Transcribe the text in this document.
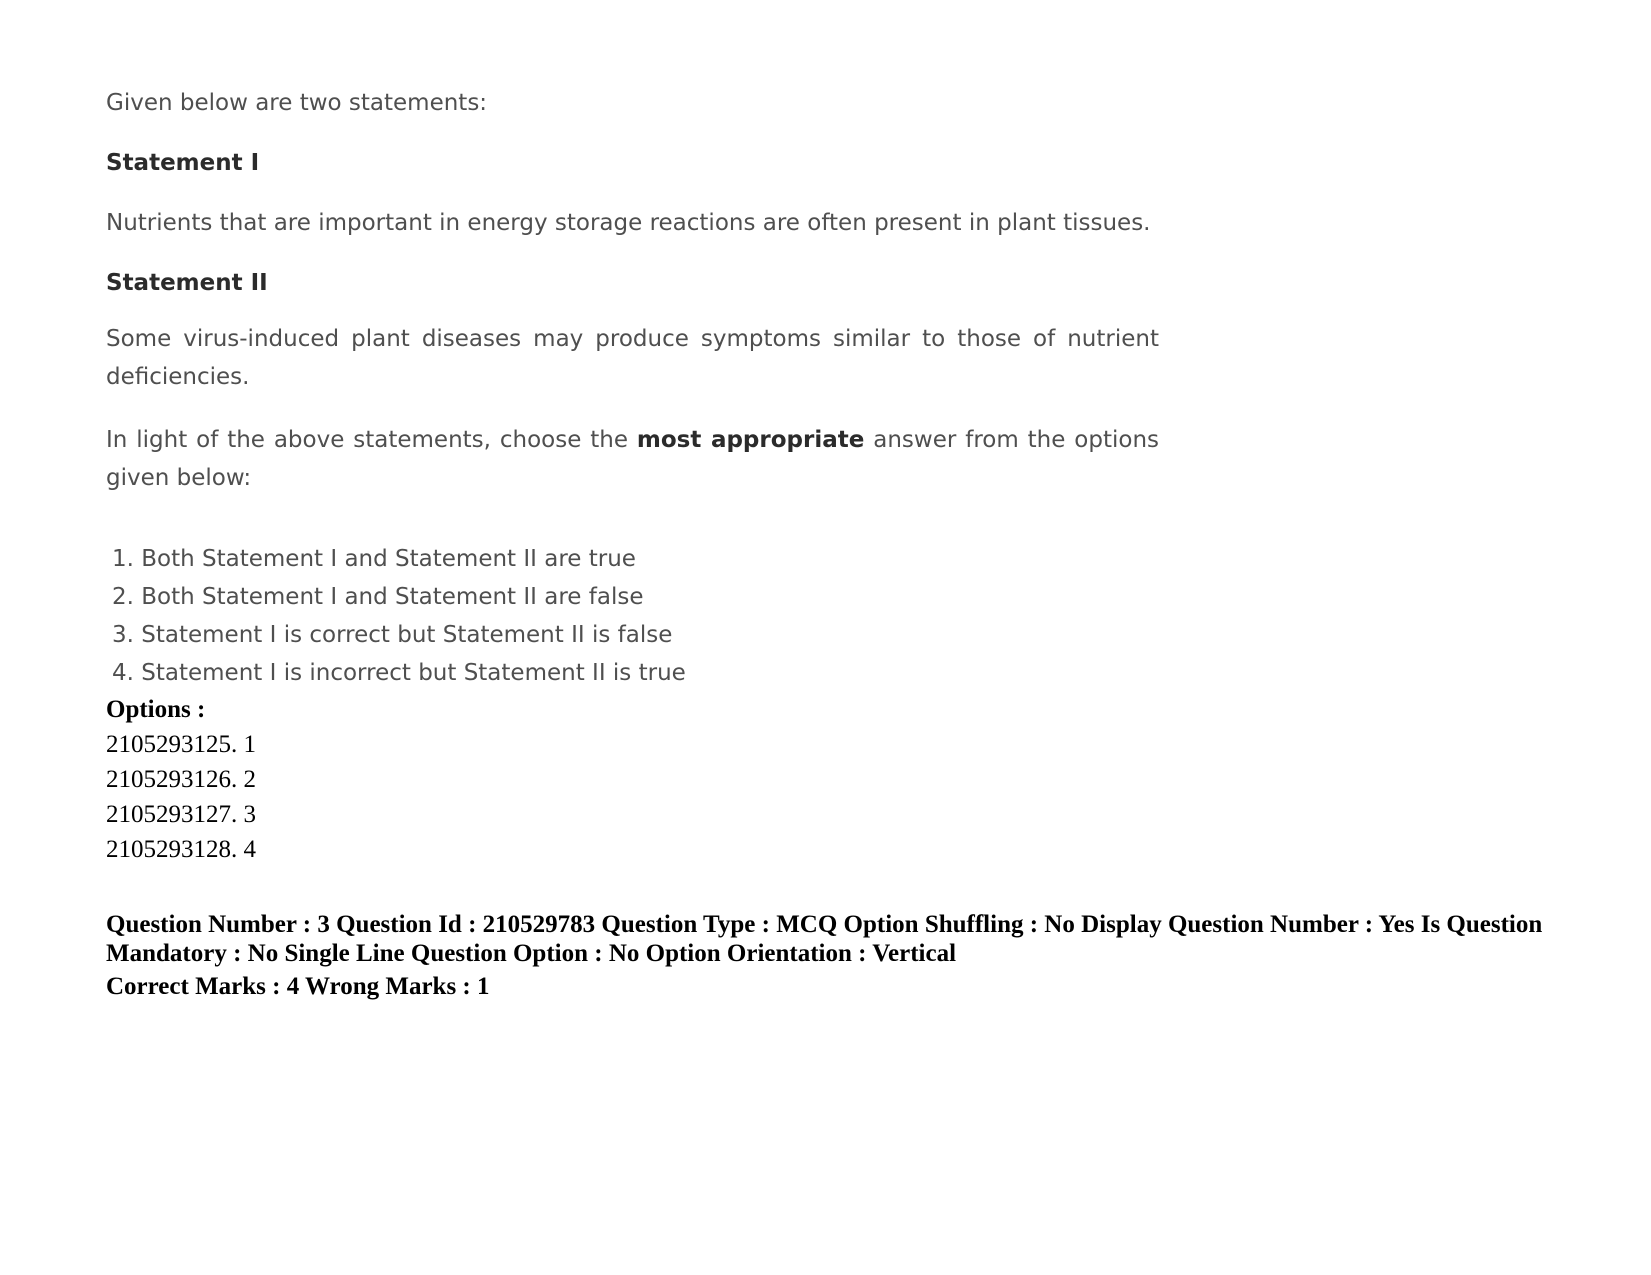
Given below are two statements:
Statement I
Nutrients that are important in energy storage reactions are often present in plant tissues.
Statement II
Some virus-induced plant diseases may produce symptoms similar to those of nutrient deficiencies.
In light of the above statements, choose the most appropriate answer from the options given below:
1. Both Statement I and Statement II are true
2. Both Statement I and Statement II are false
3. Statement I is correct but Statement II is false
4. Statement I is incorrect but Statement II is true
Options :
2105293125. 1
2105293126. 2
2105293127. 3
2105293128. 4
Question Number : 3 Question Id : 210529783 Question Type : MCQ Option Shuffling : No Display Question Number : Yes Is Question Mandatory : No Single Line Question Option : No Option Orientation : Vertical
Correct Marks : 4 Wrong Marks : 1
